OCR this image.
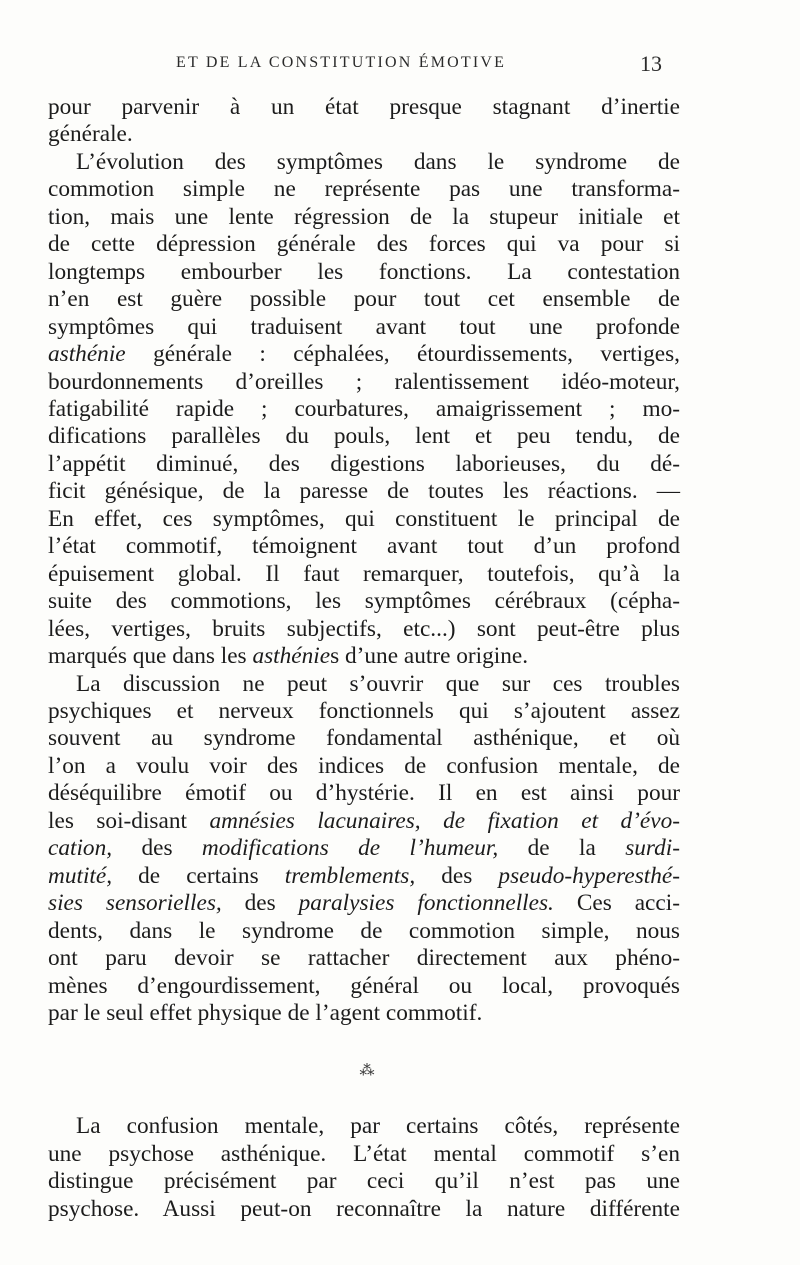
ET DE LA CONSTITUTION ÉMOTIVE	13

pour parvenir à un état presque stagnant d’inertie
générale.

L’évolution des symptômes dans le syndrome de
commotion simple ne représente pas une transforma-
tion, mais une lente régression de la stupeur initiale et
de cette dépression générale des forces qui va pour si
longtemps embourber les fonctions. La contestation
n’en est guère possible pour tout cet ensemble de
symptômes qui traduisent avant tout une profonde
asthénie générale : céphalées, étourdissements, vertiges,
bourdonnements d’oreilles ; ralentissement idéo-moteur,
fatigabilité rapide ; courbatures, amaigrissement ; mo-
difications parallèles du pouls, lent et peu tendu, de
l’appétit diminué, des digestions laborieuses, du dé-
ficit génésique, de la paresse de toutes les réactions. —
En effet, ces symptômes, qui constituent le principal de
l’état commotif, témoignent avant tout d’un profond
épuisement global. Il faut remarquer, toutefois, qu’à la
suite des commotions, les symptômes cérébraux (cépha-
lées, vertiges, bruits subjectifs, etc...) sont peut-être plus
marqués que dans les asthénies d’une autre origine.

La discussion ne peut s’ouvrir que sur ces troubles
psychiques et nerveux fonctionnels qui s’ajoutent assez
souvent au syndrome fondamental asthénique, et où
l’on a voulu voir des indices de confusion mentale, de
déséquilibre émotif ou d’hystérie. Il en est ainsi pour
les soi-disant amnésies lacunaires, de fixation et d’évo-
cation, des modifications de l’humeur, de la surdi-
mutité, de certains tremblements, des pseudo-hyperesthé-
sies sensorielles, des paralysies fonctionnelles. Ces acci-
dents, dans le syndrome de commotion simple, nous
ont paru devoir se rattacher directement aux phéno-
mènes d’engourdissement, général ou local, provoqués
par le seul effet physique de l’agent commotif.

⁂
La confusion mentale, par certains côtés, représente
une psychose asthénique. L’état mental commotif s’en
distingue précisément par ceci qu’il n’est pas une
psychose. Aussi peut-on reconnaître la nature différente
